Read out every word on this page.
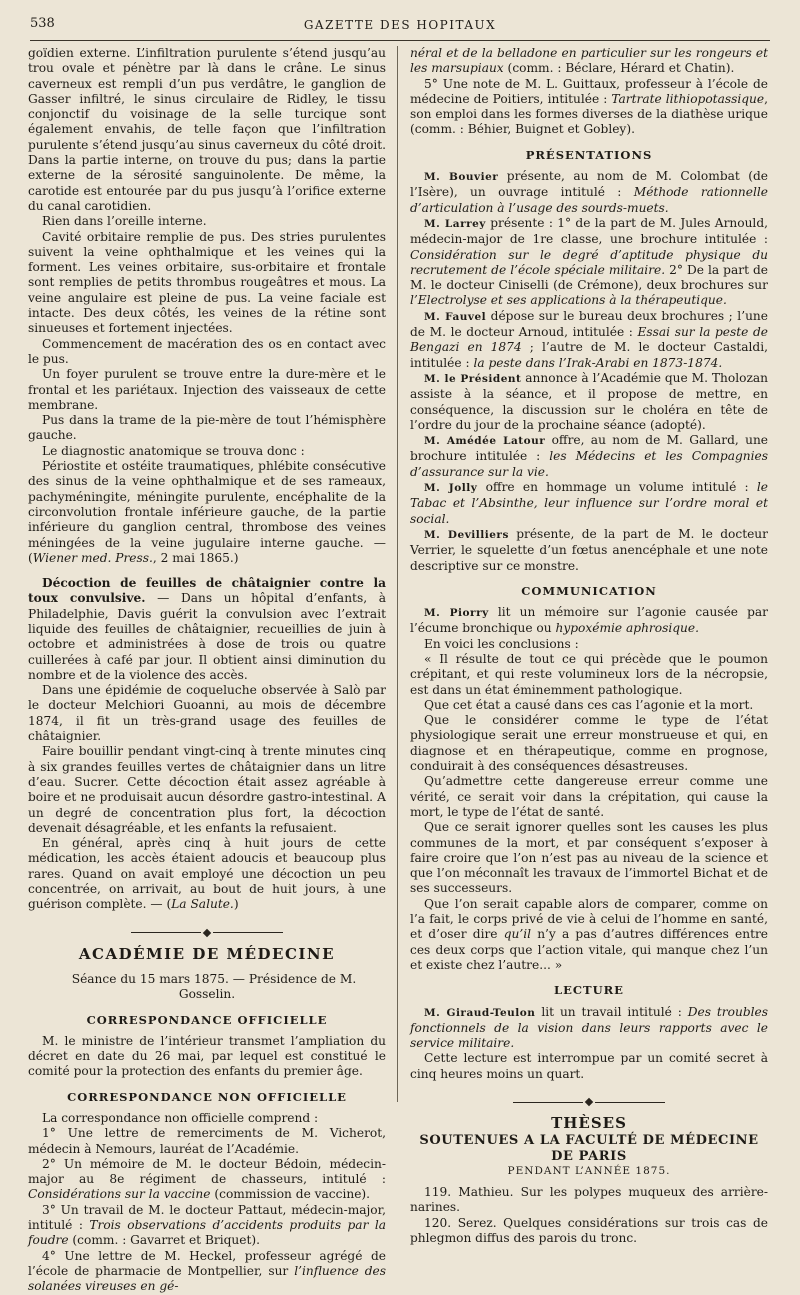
538	GAZETTE DES HOPITAUX

goïdien externe. L’infiltration purulente s’étend jusqu’au trou ovale et pénètre par là dans le crâne. Le sinus caverneux est rempli d’un pus verdâtre, le ganglion de Gasser infiltré, le sinus circulaire de Ridley, le tissu conjonctif du voisinage de la selle turcique sont également envahis, de telle façon que l’infiltration purulente s’étend jusqu’au sinus caverneux du côté droit. Dans la partie interne, on trouve du pus; dans la partie externe de la sérosité sanguinolente. De même, la carotide est entourée par du pus jusqu’à l’orifice externe du canal carotidien.

Rien dans l’oreille interne.

Cavité orbitaire remplie de pus. Des stries purulentes suivent la veine ophthalmique et les veines qui la forment. Les veines orbitaire, sus-orbitaire et frontale sont remplies de petits thrombus rougeâtres et mous. La veine angulaire est pleine de pus. La veine faciale est intacte. Des deux côtés, les veines de la rétine sont sinueuses et fortement injectées.

Commencement de macération des os en contact avec le pus.

Un foyer purulent se trouve entre la dure-mère et le frontal et les pariétaux. Injection des vaisseaux de cette membrane.

Pus dans la trame de la pie-mère de tout l’hémisphère gauche.

Le diagnostic anatomique se trouva donc :

Périostite et ostéite traumatiques, phlébite consécutive des sinus de la veine ophthalmique et de ses rameaux, pachyméningite, méningite purulente, encéphalite de la circonvolution frontale inférieure gauche, de la partie inférieure du ganglion central, thrombose des veines méningées de la veine jugulaire interne gauche. — (Wiener med. Press., 2 mai 1865.)

Décoction de feuilles de châtaignier contre la toux convulsive. — Dans un hôpital d’enfants, à Philadelphie, Davis guérit la convulsion avec l’extrait liquide des feuilles de châtaignier, recueillies de juin à octobre et administrées à dose de trois ou quatre cuillerées à café par jour. Il obtient ainsi diminution du nombre et de la violence des accès.

Dans une épidémie de coqueluche observée à Salò par le docteur Melchiori Guoanni, au mois de décembre 1874, il fit un très-grand usage des feuilles de châtaignier.

Faire bouillir pendant vingt-cinq à trente minutes cinq à six grandes feuilles vertes de châtaignier dans un litre d’eau. Sucrer. Cette décoction était assez agréable à boire et ne produisait aucun désordre gastro-intestinal. A un degré de concentration plus fort, la décoction devenait désagréable, et les enfants la refusaient.

En général, après cinq à huit jours de cette médication, les accès étaient adoucis et beaucoup plus rares. Quand on avait employé une décoction un peu concentrée, on arrivait, au bout de huit jours, à une guérison complète. — (La Salute.)

ACADÉMIE DE MÉDECINE

Séance du 15 mars 1875. — Présidence de M. Gosselin.

CORRESPONDANCE OFFICIELLE

M. le ministre de l’intérieur transmet l’ampliation du décret en date du 26 mai, par lequel est constitué le comité pour la protection des enfants du premier âge.

CORRESPONDANCE NON OFFICIELLE

La correspondance non officielle comprend :

1° Une lettre de remerciments de M. Vicherot, médecin à Nemours, lauréat de l’Académie.

2° Un mémoire de M. le docteur Bédoin, médecin-major au 8e régiment de chasseurs, intitulé : Considérations sur la vaccine (commission de vaccine).

3° Un travail de M. le docteur Pattaut, médecin-major, intitulé : Trois observations d’accidents produits par la foudre (comm. : Gavarret et Briquet).

4° Une lettre de M. Heckel, professeur agrégé de l’école de pharmacie de Montpellier, sur l’influence des solanées vireuses en gé-

néral et de la belladone en particulier sur les rongeurs et les marsupiaux (comm. : Béclare, Hérard et Chatin).

5° Une note de M. L. Guittaux, professeur à l’école de médecine de Poitiers, intitulée : Tartrate lithiopotassique, son emploi dans les formes diverses de la diathèse urique (comm. : Béhier, Buignet et Gobley).

PRÉSENTATIONS

M. Bouvier présente, au nom de M. Colombat (de l’Isère), un ouvrage intitulé : Méthode rationnelle d’articulation à l’usage des sourds-muets.

M. Larrey présente : 1° de la part de M. Jules Arnould, médecin-major de 1re classe, une brochure intitulée : Considération sur le degré d’aptitude physique du recrutement de l’école spéciale militaire. 2° De la part de M. le docteur Ciniselli (de Crémone), deux brochures sur l’Electrolyse et ses applications à la thérapeutique.

M. Fauvel dépose sur le bureau deux brochures ; l’une de M. le docteur Arnoud, intitulée : Essai sur la peste de Bengazi en 1874 ; l’autre de M. le docteur Castaldi, intitulée : la peste dans l’Irak-Arabi en 1873-1874.

M. le Président annonce à l’Académie que M. Tholozan assiste à la séance, et il propose de mettre, en conséquence, la discussion sur le choléra en tête de l’ordre du jour de la prochaine séance (adopté).

M. Amédée Latour offre, au nom de M. Gallard, une brochure intitulée : les Médecins et les Compagnies d’assurance sur la vie.

M. Jolly offre en hommage un volume intitulé : le Tabac et l’Absinthe, leur influence sur l’ordre moral et social.

M. Devilliers présente, de la part de M. le docteur Verrier, le squelette d’un fœtus anencéphale et une note descriptive sur ce monstre.

COMMUNICATION

M. Piorry lit un mémoire sur l’agonie causée par l’écume bronchique ou hypoxémie aphrosique.

En voici les conclusions :

« Il résulte de tout ce qui précède que le poumon crépitant, et qui reste volumineux lors de la nécropsie, est dans un état éminemment pathologique.

Que cet état a causé dans ces cas l’agonie et la mort.

Que le considérer comme le type de l’état physiologique serait une erreur monstrueuse et qui, en diagnose et en thérapeutique, comme en prognose, conduirait à des conséquences désastreuses.

Qu’admettre cette dangereuse erreur comme une vérité, ce serait voir dans la crépitation, qui cause la mort, le type de l’état de santé.

Que ce serait ignorer quelles sont les causes les plus communes de la mort, et par conséquent s’exposer à faire croire que l’on n’est pas au niveau de la science et que l’on méconnaît les travaux de l’immortel Bichat et de ses successeurs.

Que l’on serait capable alors de comparer, comme on l’a fait, le corps privé de vie à celui de l’homme en santé, et d’oser dire qu’il n’y a pas d’autres différences entre ces deux corps que l’action vitale, qui manque chez l’un et existe chez l’autre... »

LECTURE

M. Giraud-Teulon lit un travail intitulé : Des troubles fonctionnels de la vision dans leurs rapports avec le service militaire.

Cette lecture est interrompue par un comité secret à cinq heures moins un quart.

THÈSES
SOUTENUES A LA FACULTÉ DE MÉDECINE DE PARIS
PENDANT L’ANNÉE 1875.

119. Mathieu. Sur les polypes muqueux des arrière-narines.

120. Serez. Quelques considérations sur trois cas de phlegmon diffus des parois du tronc.
